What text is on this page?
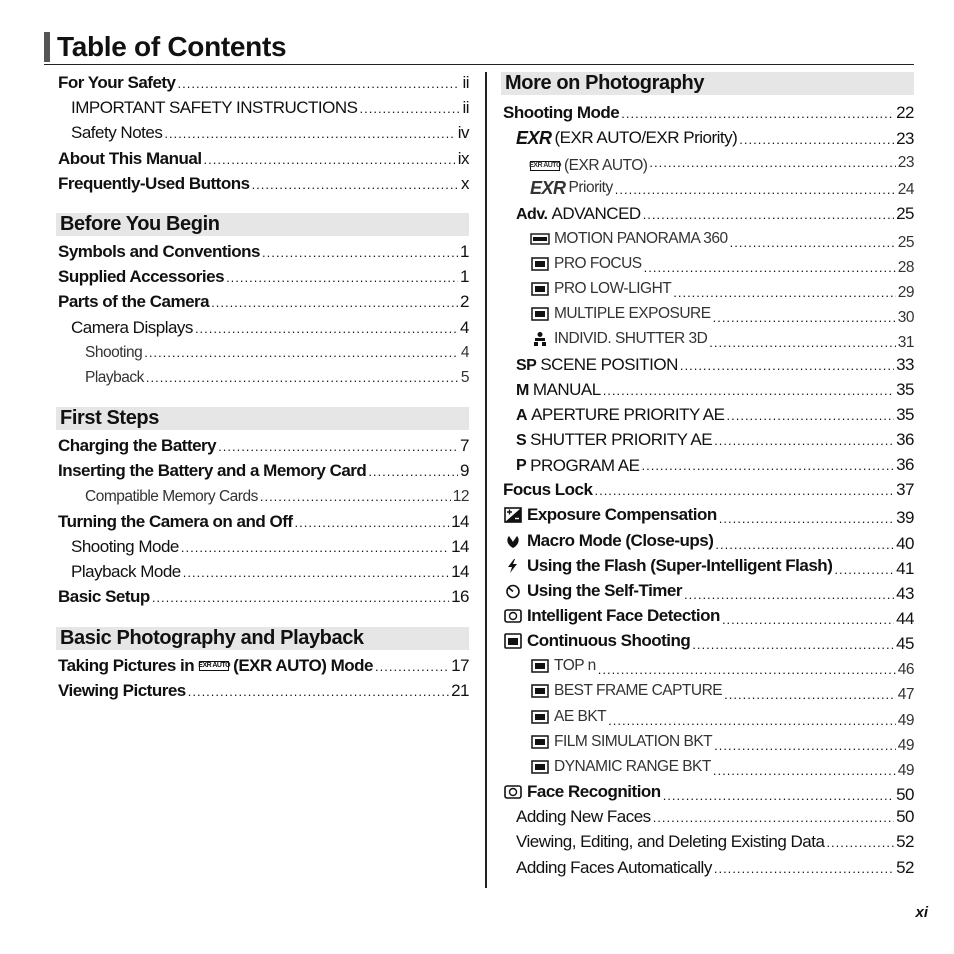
Table of Contents
For Your Safety .....	ii
IMPORTANT SAFETY INSTRUCTIONS .....	ii
Safety Notes .....	iv
About This Manual .....	ix
Frequently-Used Buttons .....	x
Before You Begin
Symbols and Conventions .....	1
Supplied Accessories .....	1
Parts of the Camera .....	2
Camera Displays .....	4
Shooting .....	4
Playback .....	5
First Steps
Charging the Battery .....	7
Inserting the Battery and a Memory Card .....	9
Compatible Memory Cards .....	12
Turning the Camera on and Off .....	14
Shooting Mode .....	14
Playback Mode .....	14
Basic Setup .....	16
Basic Photography and Playback
Taking Pictures in EXR AUTO (EXR AUTO) Mode .....	17
Viewing Pictures .....	21
More on Photography
Shooting Mode .....	22
EXR (EXR AUTO/EXR Priority) .....	23
EXR AUTO (EXR AUTO) .....	23
EXR Priority .....	24
Adv. ADVANCED .....	25
MOTION PANORAMA 360 .....	25
PRO FOCUS .....	28
PRO LOW-LIGHT .....	29
MULTIPLE EXPOSURE .....	30
INDIVID. SHUTTER 3D .....	31
SP SCENE POSITION .....	33
M MANUAL .....	35
A APERTURE PRIORITY AE .....	35
S SHUTTER PRIORITY AE .....	36
P PROGRAM AE .....	36
Focus Lock .....	37
Exposure Compensation .....	39
Macro Mode (Close-ups) .....	40
Using the Flash (Super-Intelligent Flash) .....	41
Using the Self-Timer .....	43
Intelligent Face Detection .....	44
Continuous Shooting .....	45
TOP n .....	46
BEST FRAME CAPTURE .....	47
AE BKT .....	49
FILM SIMULATION BKT .....	49
DYNAMIC RANGE BKT .....	49
Face Recognition .....	50
Adding New Faces .....	50
Viewing, Editing, and Deleting Existing Data .....	52
Adding Faces Automatically .....	52
xi
